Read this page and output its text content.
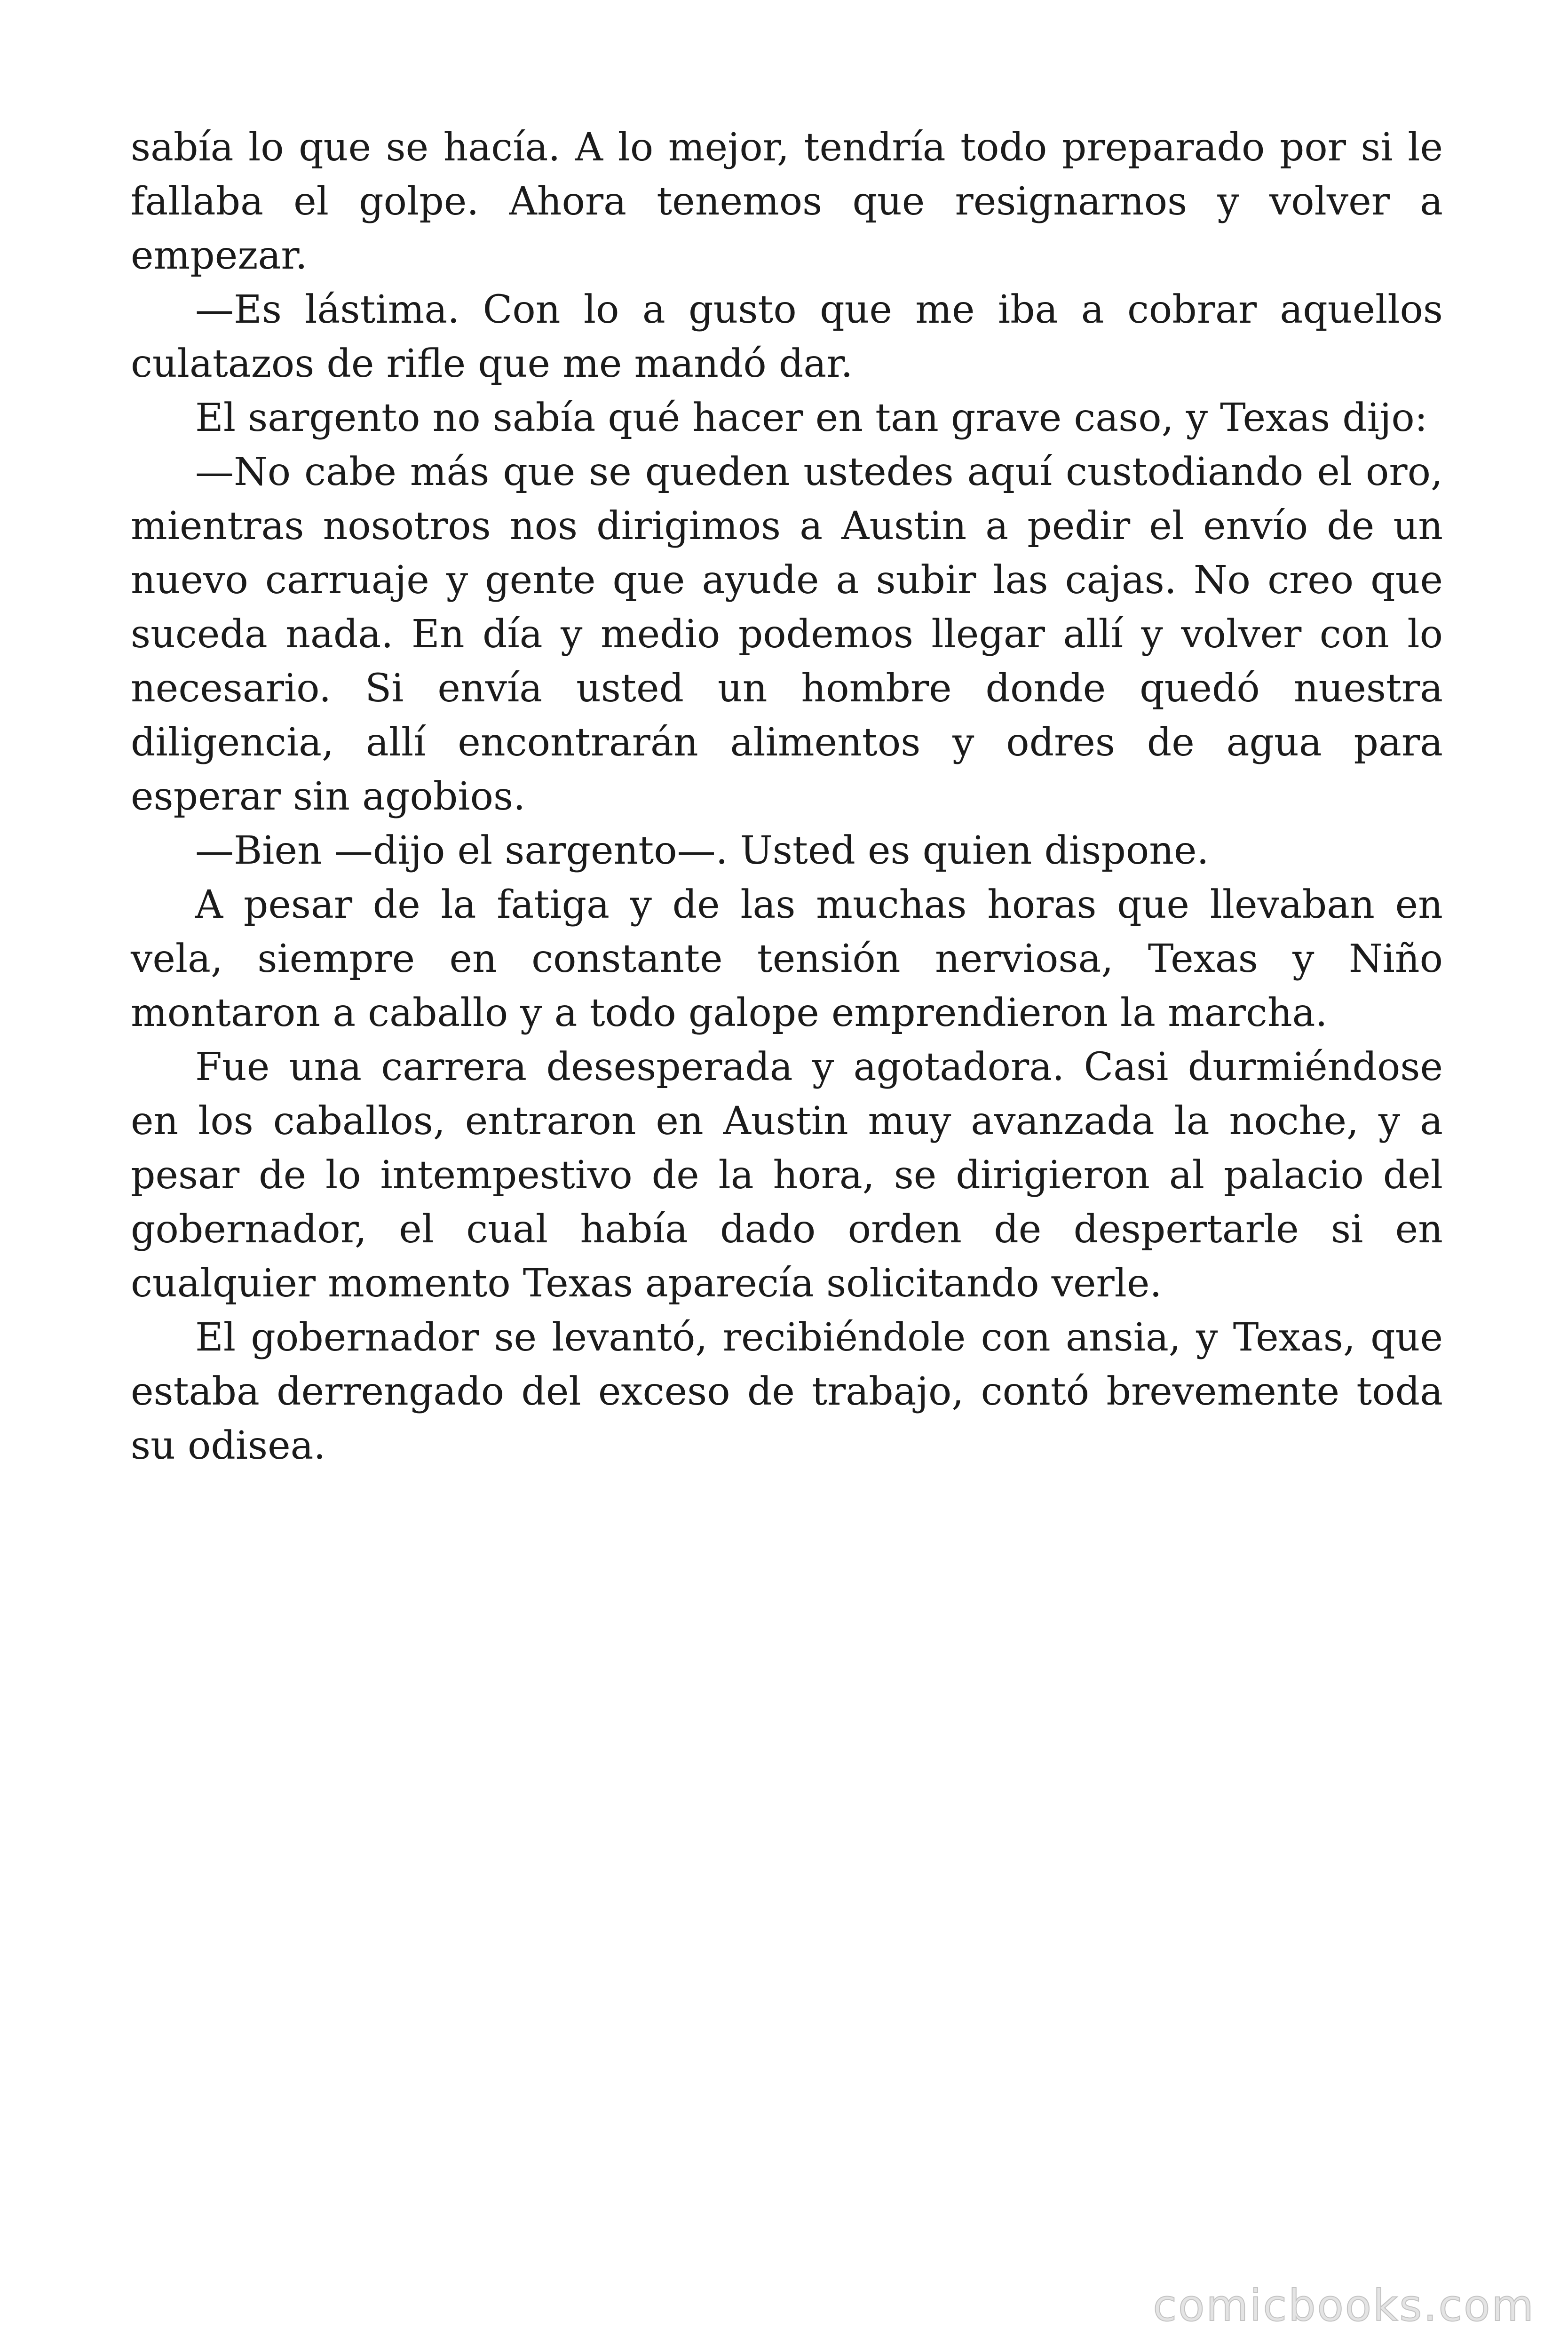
sabía lo que se hacía. A lo mejor, tendría todo preparado por si le fallaba el golpe. Ahora tenemos que resignarnos y volver a empezar.

—Es lástima. Con lo a gusto que me iba a cobrar aquellos culatazos de rifle que me mandó dar.

El sargento no sabía qué hacer en tan grave caso, y Texas dijo:

—No cabe más que se queden ustedes aquí custodiando el oro, mientras nosotros nos dirigimos a Austin a pedir el envío de un nuevo carruaje y gente que ayude a subir las cajas. No creo que suceda nada. En día y medio podemos llegar allí y volver con lo necesario. Si envía usted un hombre donde quedó nuestra diligencia, allí encontrarán alimentos y odres de agua para esperar sin agobios.

—Bien —dijo el sargento—. Usted es quien dispone.

A pesar de la fatiga y de las muchas horas que llevaban en vela, siempre en constante tensión nerviosa, Texas y Niño montaron a caballo y a todo galope emprendieron la marcha.

Fue una carrera desesperada y agotadora. Casi durmiéndose en los caballos, entraron en Austin muy avanzada la noche, y a pesar de lo intempestivo de la hora, se dirigieron al palacio del gobernador, el cual había dado orden de despertarle si en cualquier momento Texas aparecía solicitando verle.

El gobernador se levantó, recibiéndole con ansia, y Texas, que estaba derrengado del exceso de trabajo, contó brevemente toda su odisea.

comicbooks.com
